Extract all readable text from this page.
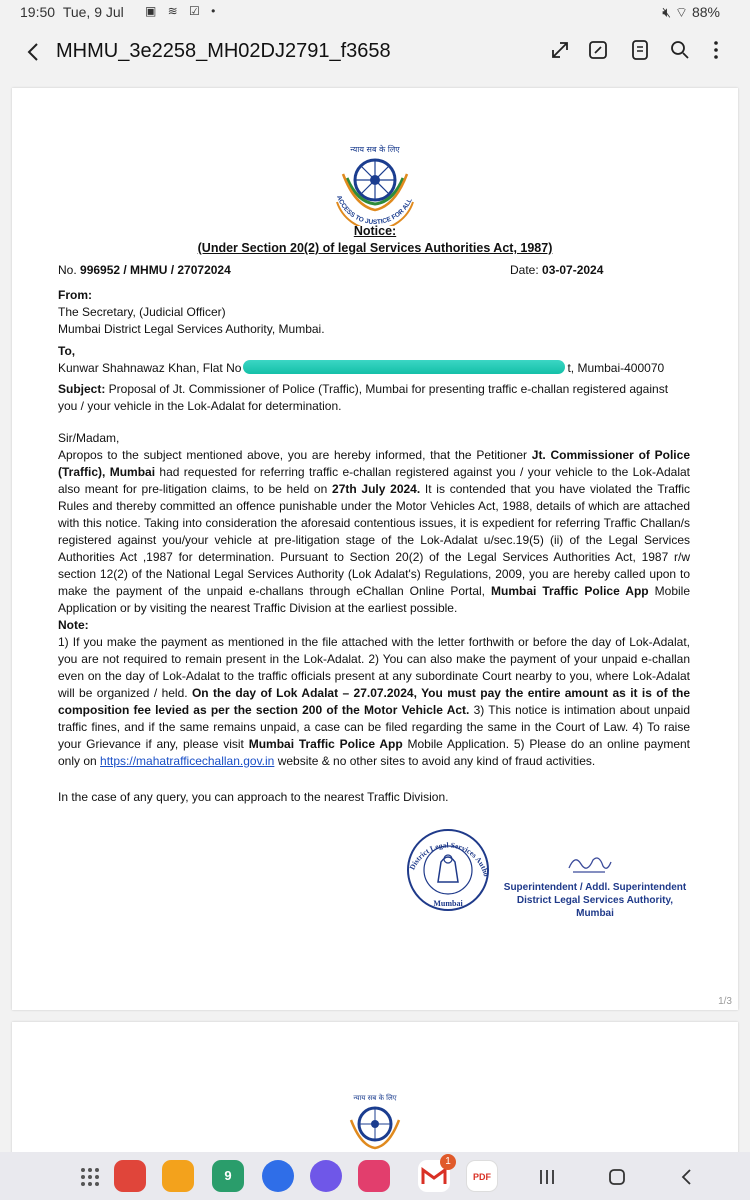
19:50 Tue, 9 Jul ▣ ≋ ☑ •	🔇︎ ⌔ 88%
MHMU_3e2258_MH02DJ2791_f3658
न्याय सब के लिए
ACCESS TO JUSTICE FOR ALL
Notice:
(Under Section 20(2) of legal Services Authorities Act, 1987)
No. 996952 / MHMU / 27072024	Date: 03-07-2024
From:
The Secretary, (Judicial Officer)
Mumbai District Legal Services Authority, Mumbai.
To,
Kunwar Shahnawaz Khan, Flat No	t, Mumbai-400070
Subject: Proposal of Jt. Commissioner of Police (Traffic), Mumbai for presenting traffic e-challan registered against you / your vehicle in the Lok-Adalat for determination.
Sir/Madam,
Apropos to the subject mentioned above, you are hereby informed, that the Petitioner Jt. Commissioner of Police (Traffic), Mumbai had requested for referring traffic e-challan registered against you / your vehicle to the Lok-Adalat also meant for pre-litigation claims, to be held on 27th July 2024. It is contended that you have violated the Traffic Rules and thereby committed an offence punishable under the Motor Vehicles Act, 1988, details of which are attached with this notice. Taking into consideration the aforesaid contentious issues, it is expedient for referring Traffic Challan/s registered against you/your vehicle at pre-litigation stage of the Lok-Adalat u/sec.19(5) (ii) of the Legal Services Authorities Act ,1987 for determination. Pursuant to Section 20(2) of the Legal Services Authorities Act, 1987 r/w section 12(2) of the National Legal Services Authority (Lok Adalat's) Regulations, 2009, you are hereby called upon to make the payment of the unpaid e-challans through eChallan Online Portal, Mumbai Traffic Police App Mobile Application or by visiting the nearest Traffic Division at the earliest possible.
Note:
1) If you make the payment as mentioned in the file attached with the letter forthwith or before the day of Lok-Adalat, you are not required to remain present in the Lok-Adalat. 2) You can also make the payment of your unpaid e-challan even on the day of Lok-Adalat to the traffic officials present at any subordinate Court nearby to you, where Lok-Adalat will be organized / held. On the day of Lok Adalat – 27.07.2024, You must pay the entire amount as it is of the composition fee levied as per the section 200 of the Motor Vehicle Act. 3) This notice is intimation about unpaid traffic fines, and if the same remains unpaid, a case can be filed regarding the same in the Court of Law. 4) To raise your Grievance if any, please visit Mumbai Traffic Police App Mobile Application. 5) Please do an online payment only on https://mahatrafficechallan.gov.in website & no other sites to avoid any kind of fraud activities.
In the case of any query, you can approach to the nearest Traffic Division.
District Legal Services Autho
Mumbai
Superintendent / Addl. Superintendent
District Legal Services Authority,
Mumbai
1/3
न्याय सब के लिए
9
1
PDF
